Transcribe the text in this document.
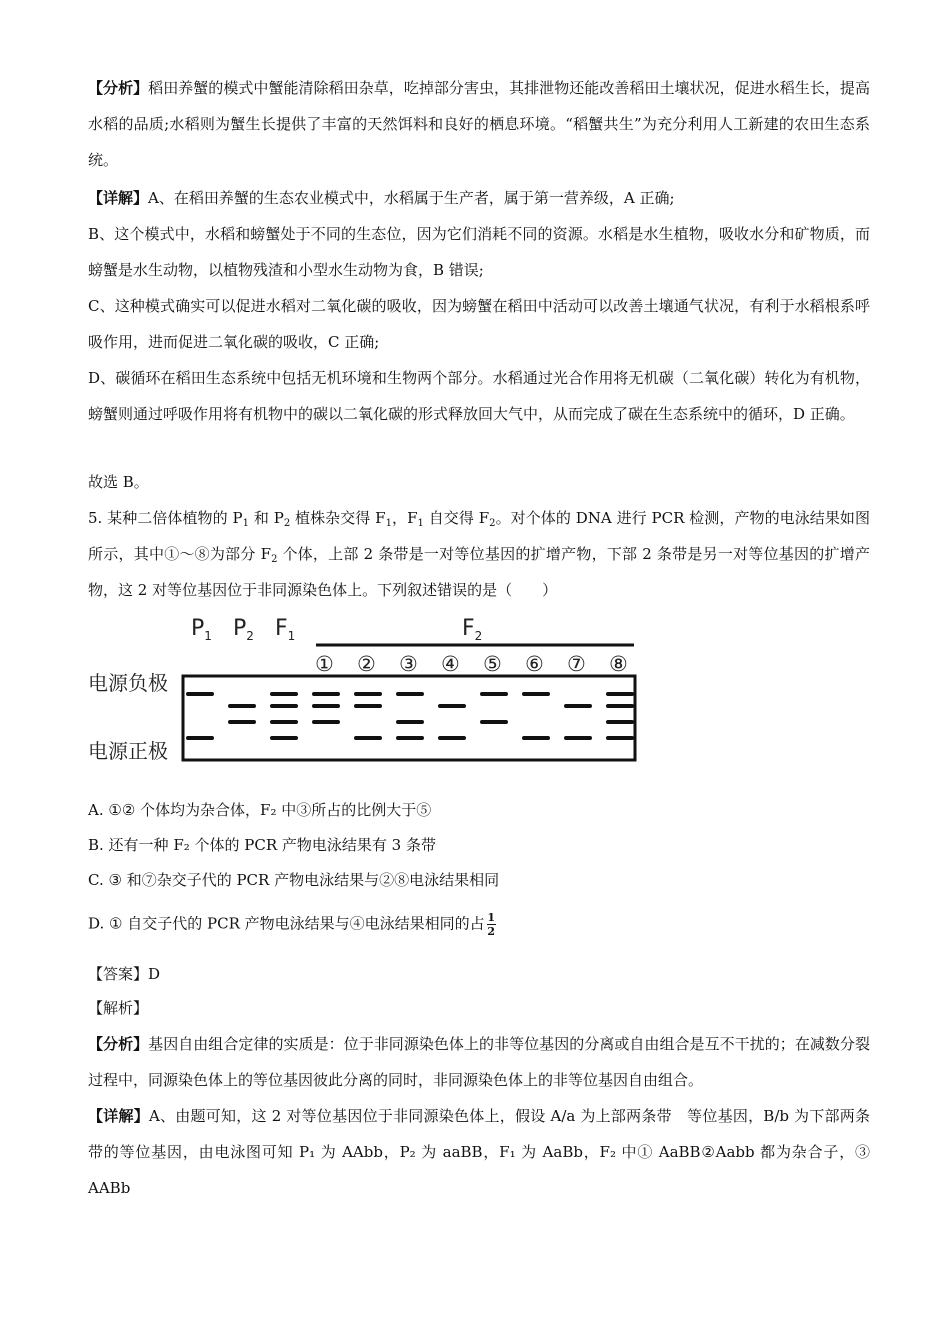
【分析】稻田养蟹的模式中蟹能清除稻田杂草，吃掉部分害虫，其排泄物还能改善稻田土壤状况，促进水稻生长，提高水稻的品质;水稻则为蟹生长提供了丰富的天然饵料和良好的栖息环境。“稻蟹共生”为充分利用人工新建的农田生态系统。
【详解】A、在稻田养蟹的生态农业模式中，水稻属于生产者，属于第一营养级，A 正确;
B、这个模式中，水稻和螃蟹处于不同的生态位，因为它们消耗不同的资源。水稻是水生植物，吸收水分和矿物质，而螃蟹是水生动物，以植物残渣和小型水生动物为食，B 错误;
C、这种模式确实可以促进水稻对二氧化碳的吸收，因为螃蟹在稻田中活动可以改善土壤通气状况，有利于水稻根系呼吸作用，进而促进二氧化碳的吸收，C 正确;
D、碳循环在稻田生态系统中包括无机环境和生物两个部分。水稻通过光合作用将无机碳（二氧化碳）转化为有机物，螃蟹则通过呼吸作用将有机物中的碳以二氧化碳的形式释放回大气中，从而完成了碳在生态系统中的循环，D 正确。
故选 B。
5. 某种二倍体植物的 $P_1$ 和 $P_2$ 植株杂交得 $F_1$，$F_1$ 自交得 $F_2$。对个体的 DNA 进行 PCR 检测，产物的电泳结果如图所示，其中①～⑧为部分 $F_2$ 个体，上部 2 条带是一对等位基因的扩增产物，下部 2 条带是另一对等位基因的扩增产物，这 2 对等位基因位于非同源染色体上。下列叙述错误的是（　　）
$P_1$ $P_2$ $F_1$	$F_2$
① ② ③ ④ ⑤ ⑥ ⑦ ⑧
电源负极
电源正极
A. ①② 个体均为杂合体，F₂ 中③所占的比例大于⑤
B. 还有一种 F₂ 个体的 PCR 产物电泳结果有 3 条带
C. ③ 和⑦杂交子代的 PCR 产物电泳结果与②⑧电泳结果相同
D. ① 自交子代的 PCR 产物电泳结果与④电泳结果相同的占 $\frac{1}{2}$
【答案】D
【解析】
【分析】基因自由组合定律的实质是：位于非同源染色体上的非等位基因的分离或自由组合是互不干扰的；在减数分裂过程中，同源染色体上的等位基因彼此分离的同时，非同源染色体上的非等位基因自由组合。
【详解】A、由题可知，这 2 对等位基因位于非同源染色体上，假设 A/a 为上部两条带　等位基因，B/b 为下部两条带的等位基因，由电泳图可知 P₁ 为 AAbb，P₂ 为 aaBB，F₁ 为 AaBb，F₂ 中① AaBB②Aabb 都为杂合子，③ AABb
